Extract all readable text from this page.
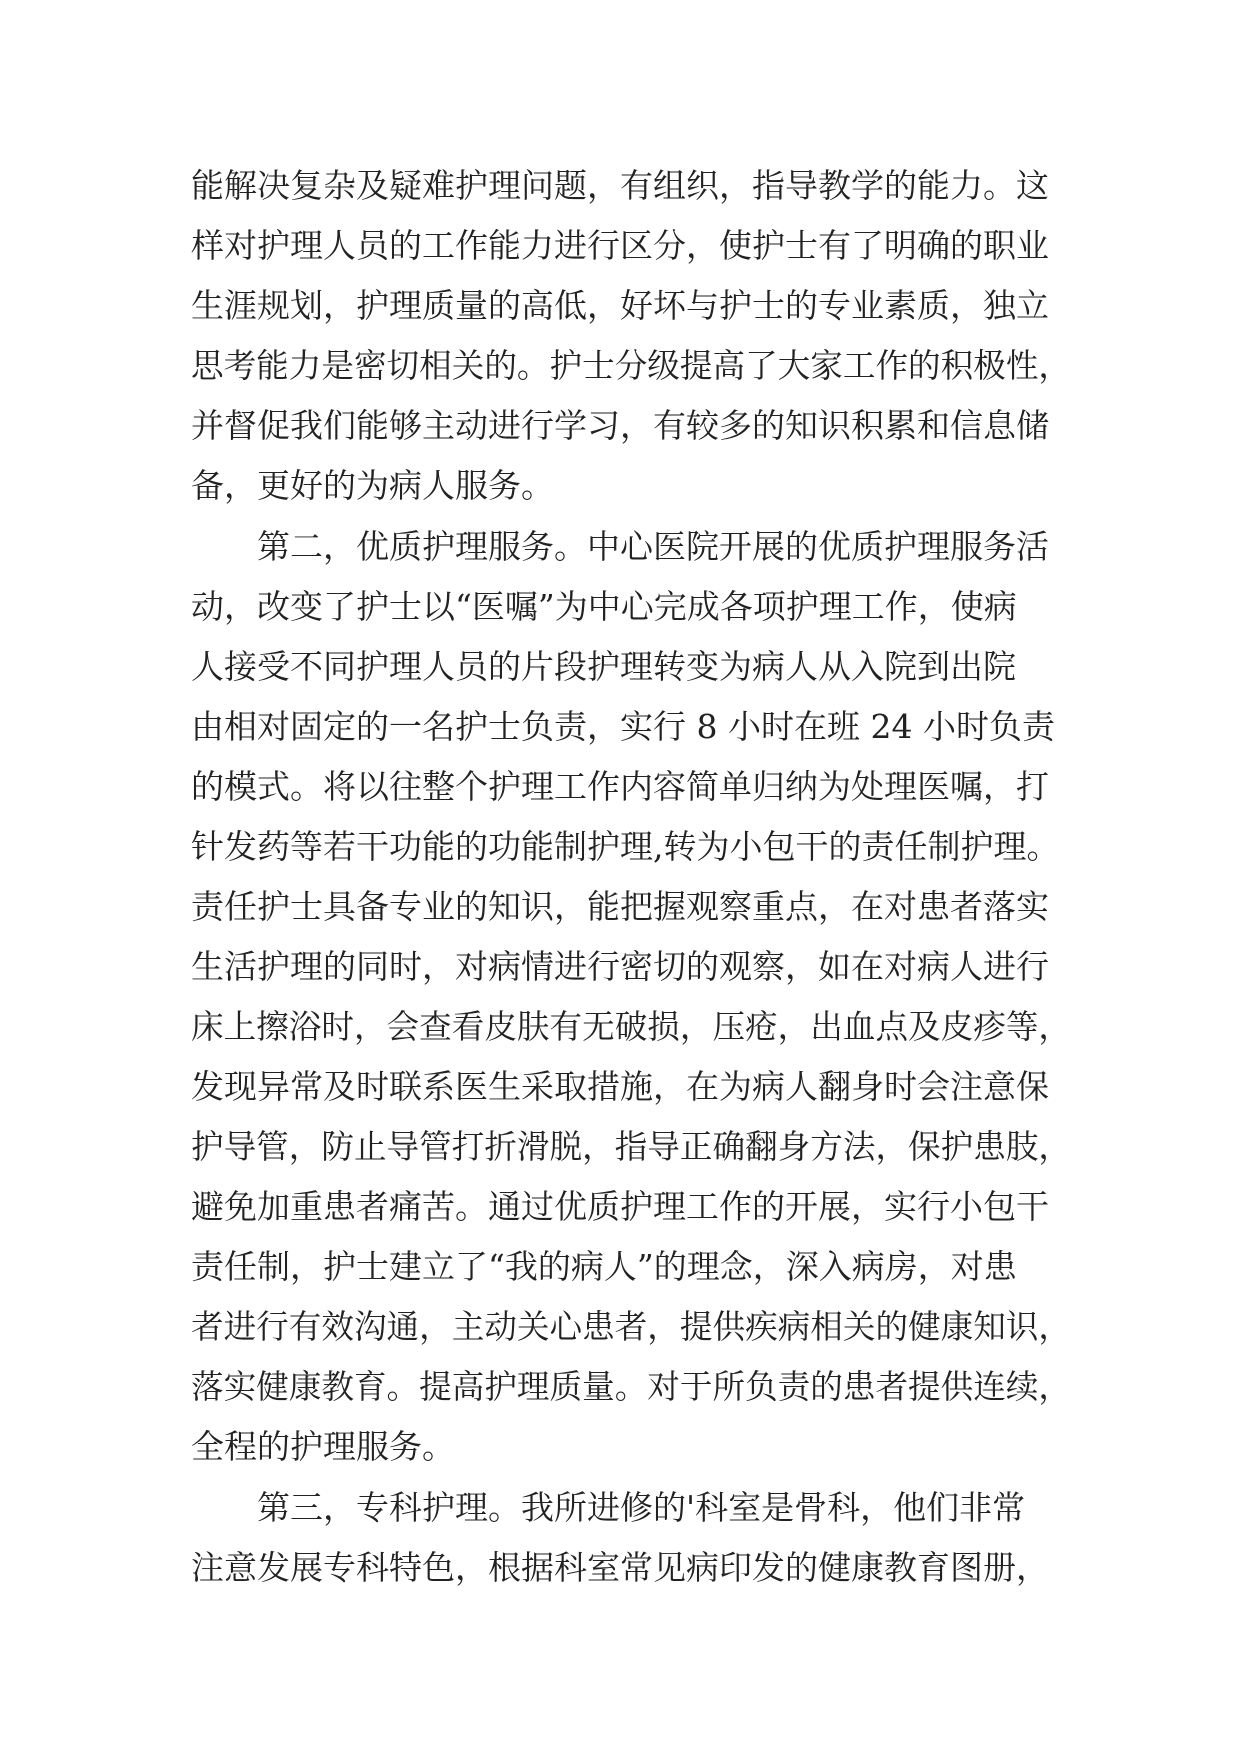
能解决复杂及疑难护理问题，有组织，指导教学的能力。这
样对护理人员的工作能力进行区分，使护士有了明确的职业
生涯规划，护理质量的高低，好坏与护士的专业素质，独立
思考能力是密切相关的。护士分级提高了大家工作的积极性，
并督促我们能够主动进行学习，有较多的知识积累和信息储
备，更好的为病人服务。
　　第二，优质护理服务。中心医院开展的优质护理服务活
动，改变了护士以“医嘱”为中心完成各项护理工作，使病
人接受不同护理人员的片段护理转变为病人从入院到出院
由相对固定的一名护士负责，实行 8 小时在班 24 小时负责
的模式。将以往整个护理工作内容简单归纳为处理医嘱，打
针发药等若干功能的功能制护理,转为小包干的责任制护理。
责任护士具备专业的知识，能把握观察重点，在对患者落实
生活护理的同时，对病情进行密切的观察，如在对病人进行
床上擦浴时，会查看皮肤有无破损，压疮，出血点及皮疹等，
发现异常及时联系医生采取措施，在为病人翻身时会注意保
护导管，防止导管打折滑脱，指导正确翻身方法，保护患肢，
避免加重患者痛苦。通过优质护理工作的开展，实行小包干
责任制，护士建立了“我的病人”的理念，深入病房，对患
者进行有效沟通，主动关心患者，提供疾病相关的健康知识，
落实健康教育。提高护理质量。对于所负责的患者提供连续，
全程的护理服务。
　　第三，专科护理。我所进修的'科室是骨科，他们非常
注意发展专科特色，根据科室常见病印发的健康教育图册，
